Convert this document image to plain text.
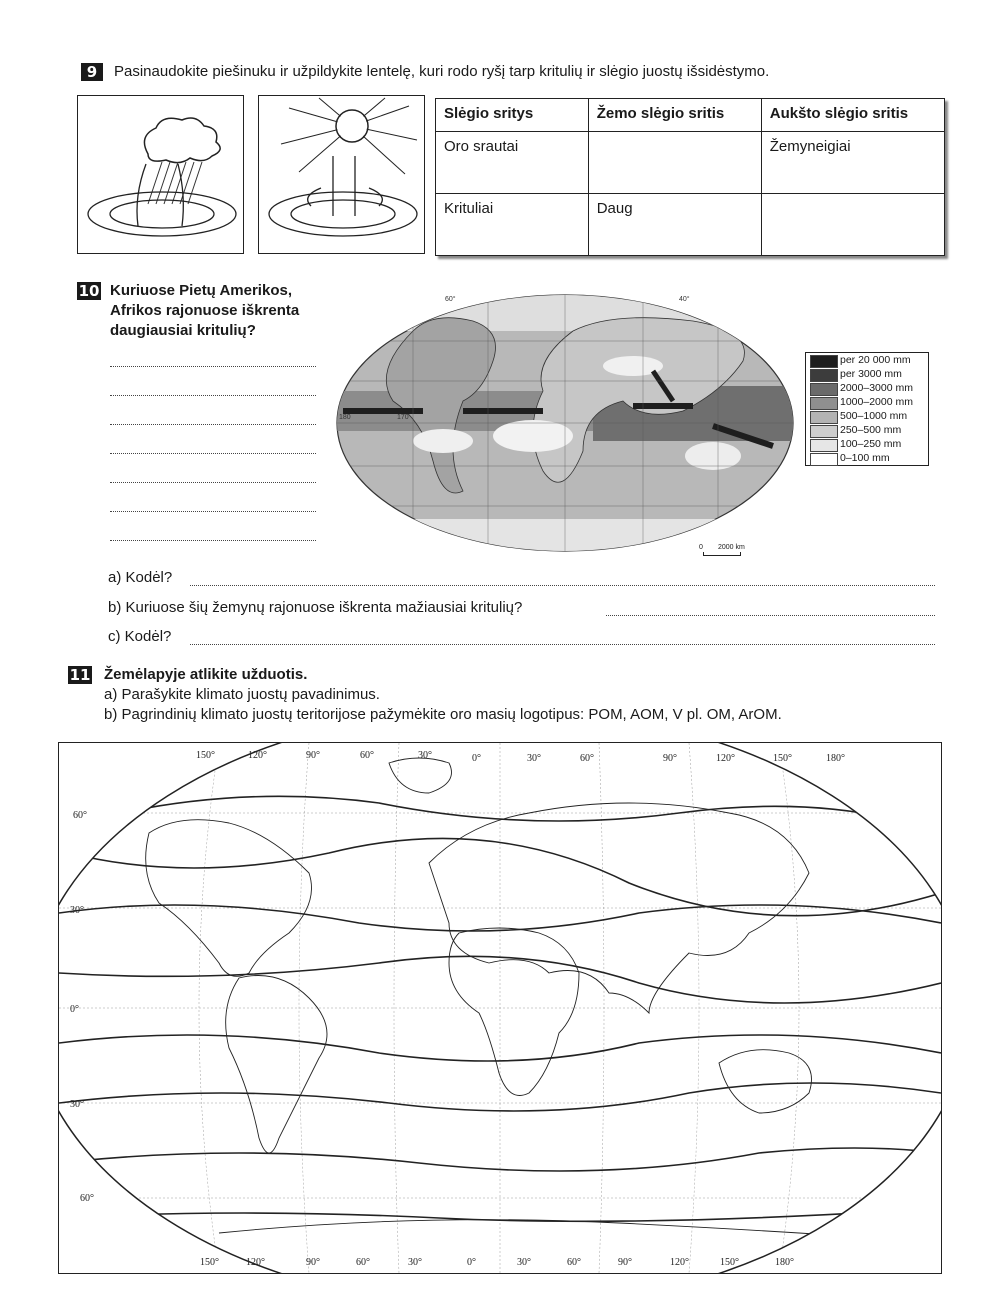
9	Pasinaudokite piešinuku ir užpildykite lentelę, kuri rodo ryšį tarp kritulių ir slėgio juostų išsidėstymo.
Slėgio sritys	Žemo slėgio sritis	Aukšto slėgio sritis
Oro srautai		Žemyneigiai
Krituliai	Daug	
10 Kuriuose Pietų Amerikos,
Afrikos rajonuose iškrenta
daugiausiai kritulių?
60°	40°
180	170
0 2000 km
per 20 000 mm
per 3000 mm
2000–3000 mm
1000–2000 mm
500–1000 mm
250–500 mm
100–250 mm
0–100 mm
a) Kodėl?
b) Kuriuose šių žemynų rajonuose iškrenta mažiausiai kritulių?
c) Kodėl?
11 Žemėlapyje atlikite užduotis.
a) Parašykite klimato juostų pavadinimus.
b) Pagrindinių klimato juostų teritorijose pažymėkite oro masių logotipus: POM, AOM, V pl. OM, ArOM.
150°	120°	90°	60°	30°	0°	30°	60°	90°	120°	150°	180°
60°
30°
0°
30°
60°
150°	120°	90°	60°	30°	0°	30°	60°	90°	120°	150°	180°
